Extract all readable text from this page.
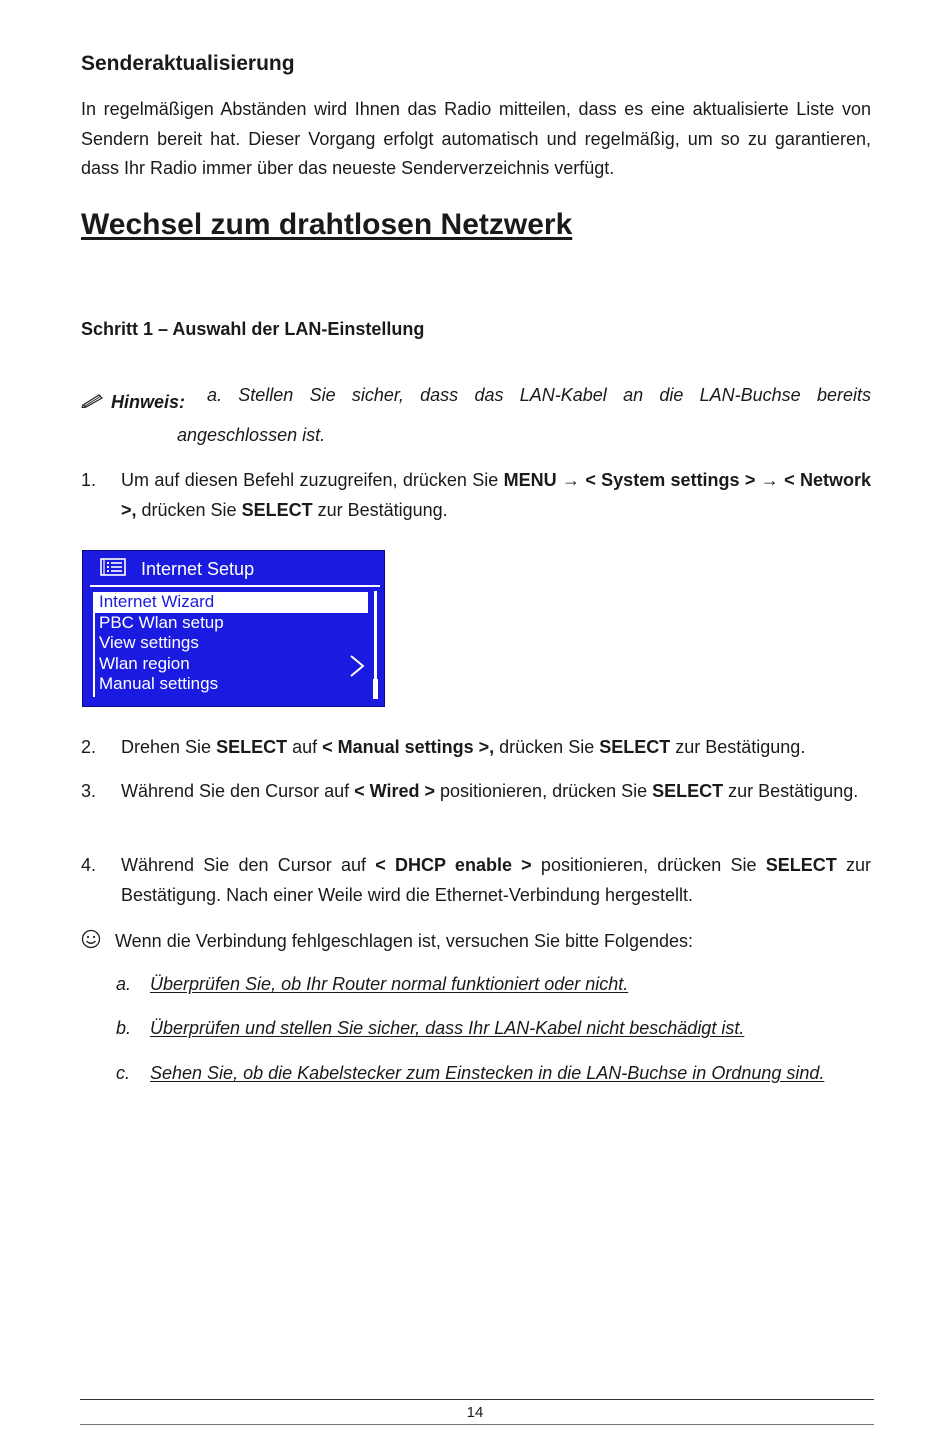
Senderaktualisierung
In regelmäßigen Abständen wird Ihnen das Radio mitteilen, dass es eine aktualisierte Liste von Sendern bereit hat. Dieser Vorgang erfolgt automatisch und regelmäßig, um so zu garantieren, dass Ihr Radio immer über das neueste Senderverzeichnis verfügt.
Wechsel zum drahtlosen Netzwerk
Schritt 1 – Auswahl der LAN-Einstellung
Hinweis: a. Stellen Sie sicher, dass das LAN-Kabel an die LAN-Buchse bereits
angeschlossen ist.
1. Um auf diesen Befehl zuzugreifen, drücken Sie MENU → < System settings > → < Network >, drücken Sie SELECT zur Bestätigung.
Internet Setup
Internet Wizard
PBC Wlan setup
View settings
Wlan region
Manual settings
2. Drehen Sie SELECT auf < Manual settings >, drücken Sie SELECT zur Bestätigung.
3. Während Sie den Cursor auf < Wired > positionieren, drücken Sie SELECT zur Bestätigung.
4. Während Sie den Cursor auf < DHCP enable > positionieren, drücken Sie SELECT zur Bestätigung. Nach einer Weile wird die Ethernet-Verbindung hergestellt.
Wenn die Verbindung fehlgeschlagen ist, versuchen Sie bitte Folgendes:
a. Überprüfen Sie, ob Ihr Router normal funktioniert oder nicht.
b. Überprüfen und stellen Sie sicher, dass Ihr LAN-Kabel nicht beschädigt ist.
c. Sehen Sie, ob die Kabelstecker zum Einstecken in die LAN-Buchse in Ordnung sind.
14
